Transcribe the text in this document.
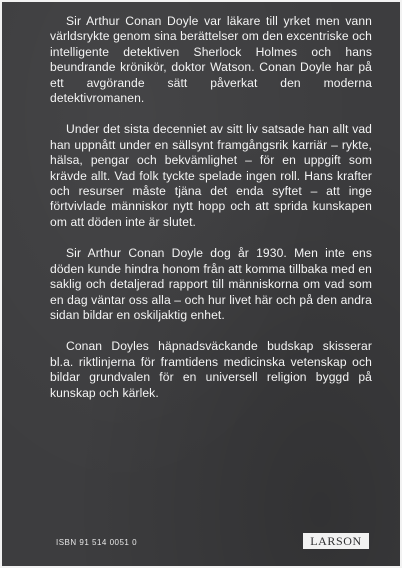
Sir Arthur Conan Doyle var läkare till yrket men vann världsrykte genom sina berättelser om den excentriske och intelligente detektiven Sherlock Holmes och hans beundrande krönikör, doktor Watson. Conan Doyle har på ett avgörande sätt påverkat den moderna detektivromanen.

Under det sista decenniet av sitt liv satsade han allt vad han uppnått under en sällsynt framgångsrik karriär – rykte, hälsa, pengar och bekvämlighet – för en uppgift som krävde allt. Vad folk tyckte spelade ingen roll. Hans krafter och resurser måste tjäna det enda syftet – att inge förtvivlade människor nytt hopp och att sprida kunskapen om att döden inte är slutet.

Sir Arthur Conan Doyle dog år 1930. Men inte ens döden kunde hindra honom från att komma tillbaka med en saklig och detaljerad rapport till människorna om vad som en dag väntar oss alla – och hur livet här och på den andra sidan bildar en oskiljaktig enhet.

Conan Doyles häpnadsväckande budskap skisserar bl.a. riktlinjerna för framtidens medicinska vetenskap och bildar grundvalen för en universell religion byggd på kunskap och kärlek.

ISBN 91 514 0051 0	LARSON
